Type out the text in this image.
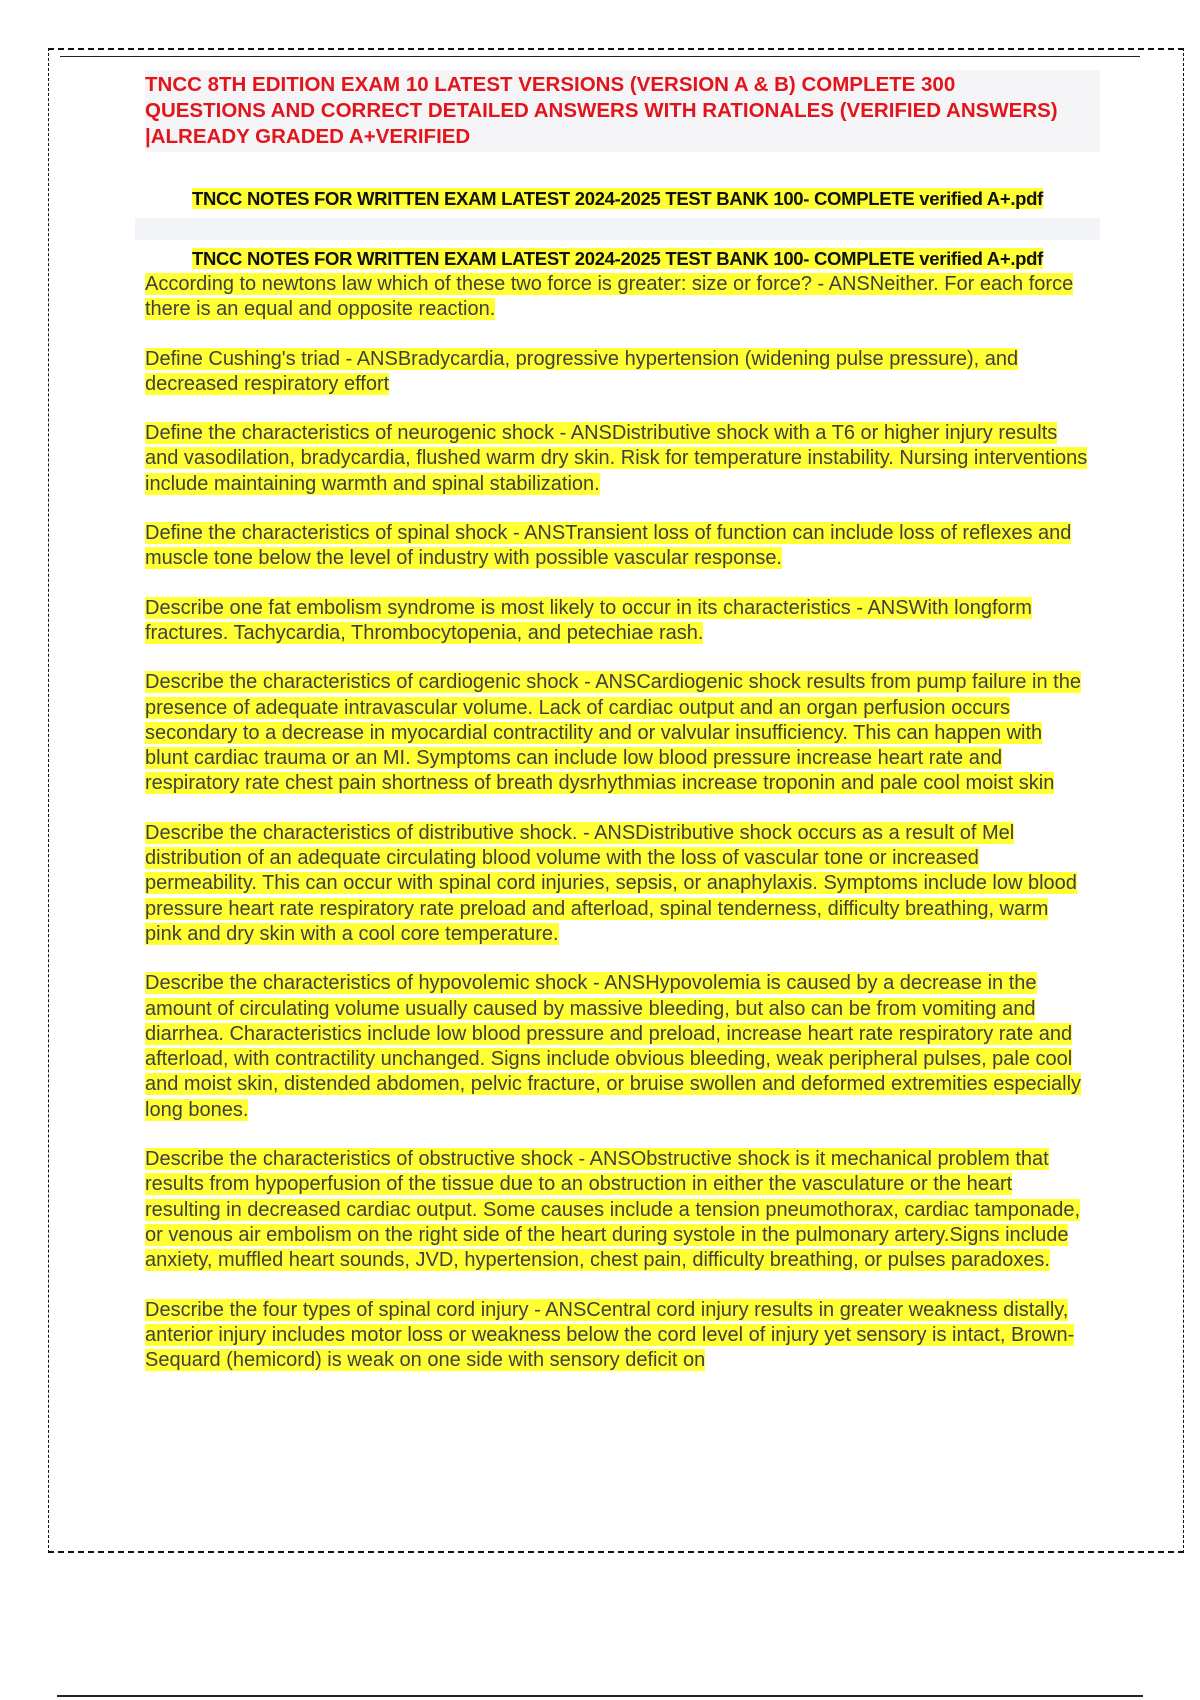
TNCC 8TH EDITION EXAM 10 LATEST VERSIONS (VERSION A & B) COMPLETE 300 QUESTIONS AND CORRECT DETAILED ANSWERS WITH RATIONALES (VERIFIED ANSWERS) |ALREADY GRADED A+VERIFIED

TNCC NOTES FOR WRITTEN EXAM LATEST 2024-2025 TEST BANK 100- COMPLETE verified A+.pdf
TNCC NOTES FOR WRITTEN EXAM LATEST 2024-2025 TEST BANK 100- COMPLETE verified A+.pdf

According to newtons law which of these two force is greater: size or force? - ANSNeither. For each force there is an equal and opposite reaction.

Define Cushing's triad - ANSBradycardia, progressive hypertension (widening pulse pressure), and decreased respiratory effort

Define the characteristics of neurogenic shock - ANSDistributive shock with a T6 or higher injury results and vasodilation, bradycardia, flushed warm dry skin. Risk for temperature instability. Nursing interventions include maintaining warmth and spinal stabilization.

Define the characteristics of spinal shock - ANSTransient loss of function can include loss of reflexes and muscle tone below the level of industry with possible vascular response.

Describe one fat embolism syndrome is most likely to occur in its characteristics - ANSWith longform fractures. Tachycardia, Thrombocytopenia, and petechiae rash.

Describe the characteristics of cardiogenic shock - ANSCardiogenic shock results from pump failure in the presence of adequate intravascular volume. Lack of cardiac output and an organ perfusion occurs secondary to a decrease in myocardial contractility and or valvular insufficiency. This can happen with blunt cardiac trauma or an MI. Symptoms can include low blood pressure increase heart rate and respiratory rate chest pain shortness of breath dysrhythmias increase troponin and pale cool moist skin

Describe the characteristics of distributive shock. - ANSDistributive shock occurs as a result of Mel distribution of an adequate circulating blood volume with the loss of vascular tone or increased permeability. This can occur with spinal cord injuries, sepsis, or anaphylaxis. Symptoms include low blood pressure heart rate respiratory rate preload and afterload, spinal tenderness, difficulty breathing, warm pink and dry skin with a cool core temperature.

Describe the characteristics of hypovolemic shock - ANSHypovolemia is caused by a decrease in the amount of circulating volume usually caused by massive bleeding, but also can be from vomiting and diarrhea. Characteristics include low blood pressure and preload, increase heart rate respiratory rate and afterload, with contractility unchanged. Signs include obvious bleeding, weak peripheral pulses, pale cool and moist skin, distended abdomen, pelvic fracture, or bruise swollen and deformed extremities especially long bones.

Describe the characteristics of obstructive shock - ANSObstructive shock is it mechanical problem that results from hypoperfusion of the tissue due to an obstruction in either the vasculature or the heart resulting in decreased cardiac output. Some causes include a tension pneumothorax, cardiac tamponade, or venous air embolism on the right side of the heart during systole in the pulmonary artery.Signs include anxiety, muffled heart sounds, JVD, hypertension, chest pain, difficulty breathing, or pulses paradoxes.

Describe the four types of spinal cord injury - ANSCentral cord injury results in greater weakness distally, anterior injury includes motor loss or weakness below the cord level of injury yet sensory is intact, Brown-Sequard (hemicord) is weak on one side with sensory deficit on
